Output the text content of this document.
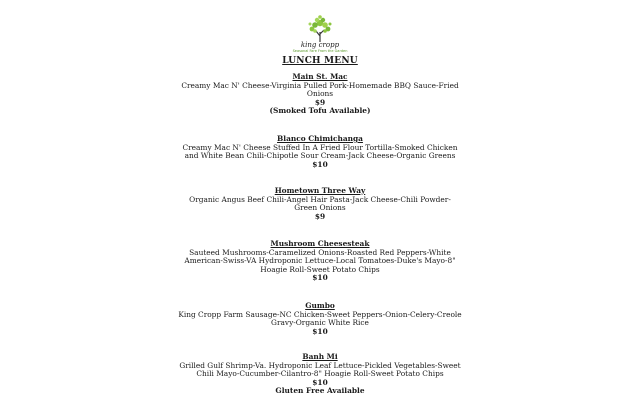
king cropp
Seasonal Fare From the Garden
LUNCH MENU
Main St. Mac
Creamy Mac N' Cheese-Virginia Pulled Pork-Homemade BBQ Sauce-Fried Onions
$9
(Smoked Tofu Available)
Blanco Chimichanga
Creamy Mac N' Cheese Stuffed In A Fried Flour Tortilla-Smoked Chicken and White Bean Chili-Chipotle Sour Cream-Jack Cheese-Organic Greens
$10
Hometown Three Way
Organic Angus Beef Chili-Angel Hair Pasta-Jack Cheese-Chili Powder-Green Onions
$9
Mushroom Cheesesteak
Sauteed Mushrooms-Caramelized Onions-Roasted Red Peppers-White American-Swiss-VA Hydroponic Lettuce-Local Tomatoes-Duke's Mayo-8" Hoagie Roll-Sweet Potato Chips
$10
Gumbo
King Cropp Farm Sausage-NC Chicken-Sweet Peppers-Onion-Celery-Creole Gravy-Organic White Rice
$10
Banh Mi
Grilled Gulf Shrimp-Va. Hydroponic Leaf Lettuce-Pickled Vegetables-Sweet Chili Mayo-Cucumber-Cilantro-8" Hoagie Roll-Sweet Potato Chips
$10
Gluten Free Available
